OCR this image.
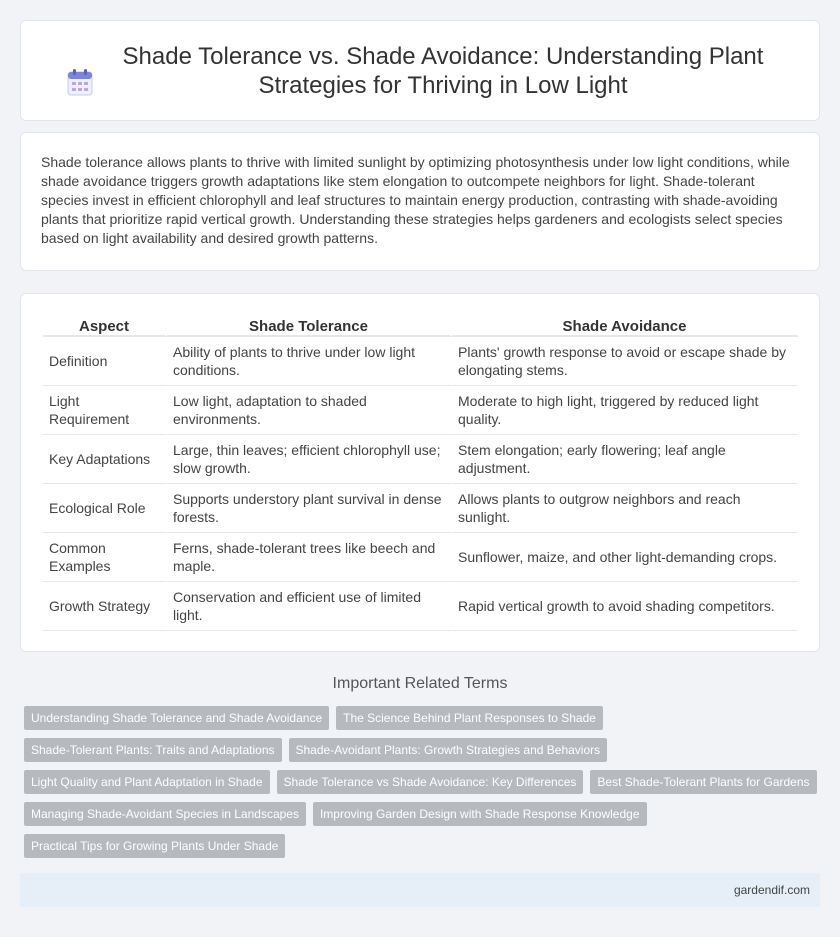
Shade Tolerance vs. Shade Avoidance: Understanding Plant Strategies for Thriving in Low Light

Shade tolerance allows plants to thrive with limited sunlight by optimizing photosynthesis under low light conditions, while shade avoidance triggers growth adaptations like stem elongation to outcompete neighbors for light. Shade-tolerant species invest in efficient chlorophyll and leaf structures to maintain energy production, contrasting with shade-avoiding plants that prioritize rapid vertical growth. Understanding these strategies helps gardeners and ecologists select species based on light availability and desired growth patterns.

Aspect	Shade Tolerance	Shade Avoidance
Definition	Ability of plants to thrive under low light conditions.	Plants' growth response to avoid or escape shade by elongating stems.
Light Requirement	Low light, adaptation to shaded environments.	Moderate to high light, triggered by reduced light quality.
Key Adaptations	Large, thin leaves; efficient chlorophyll use; slow growth.	Stem elongation; early flowering; leaf angle adjustment.
Ecological Role	Supports understory plant survival in dense forests.	Allows plants to outgrow neighbors and reach sunlight.
Common Examples	Ferns, shade-tolerant trees like beech and maple.	Sunflower, maize, and other light-demanding crops.
Growth Strategy	Conservation and efficient use of limited light.	Rapid vertical growth to avoid shading competitors.
Important Related Terms
Understanding Shade Tolerance and Shade Avoidance	The Science Behind Plant Responses to Shade
Shade-Tolerant Plants: Traits and Adaptations	Shade-Avoidant Plants: Growth Strategies and Behaviors
Light Quality and Plant Adaptation in Shade	Shade Tolerance vs Shade Avoidance: Key Differences	Best Shade-Tolerant Plants for Gardens
Managing Shade-Avoidant Species in Landscapes	Improving Garden Design with Shade Response Knowledge
Practical Tips for Growing Plants Under Shade
gardendif.com
